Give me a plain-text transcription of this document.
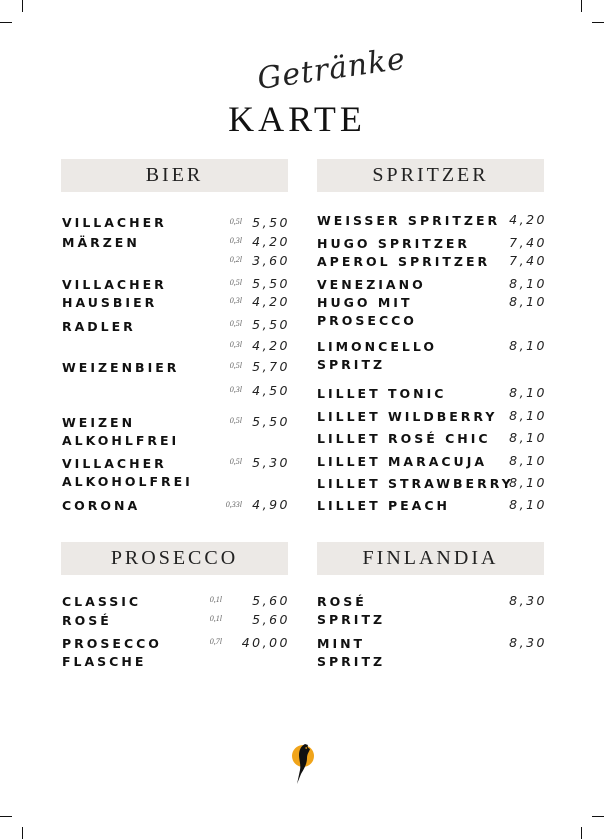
Getränke
KARTE
BIER	SPRITZER
PROSECCO	FINLANDIA
VILLACHER	0,5l 5,50
MÄRZEN	0,3l 4,20
0,2l 3,60
VILLACHER	0,5l 5,50
HAUSBIER	0,3l 4,20
RADLER	0,5l 5,50
0,3l 4,20
WEIZENBIER	0,5l 5,70
0,3l 4,50
WEIZEN	0,5l 5,50
ALKOHLFREI
VILLACHER	0,5l 5,30
ALKOHOLFREI
CORONA	0,33l 4,90
WEISSER SPRITZER 4,20
HUGO SPRITZER	7,40
APEROL SPRITZER	7,40
VENEZIANO	8,10
HUGO MIT	8,10
PROSECCO
LIMONCELLO	8,10
SPRITZ
LILLET TONIC	8,10
LILLET WILDBERRY 8,10
LILLET ROSÉ CHIC	8,10
LILLET MARACUJA	8,10
LILLET STRAWBERRY
8,10
LILLET PEACH	8,10
CLASSIC	0,1l	5,60
ROSÉ	0,1l	5,60
PROSECCO	0,7l	40,00
FLASCHE
ROSÉ	8,30
SPRITZ
MINT	8,30
SPRITZ
